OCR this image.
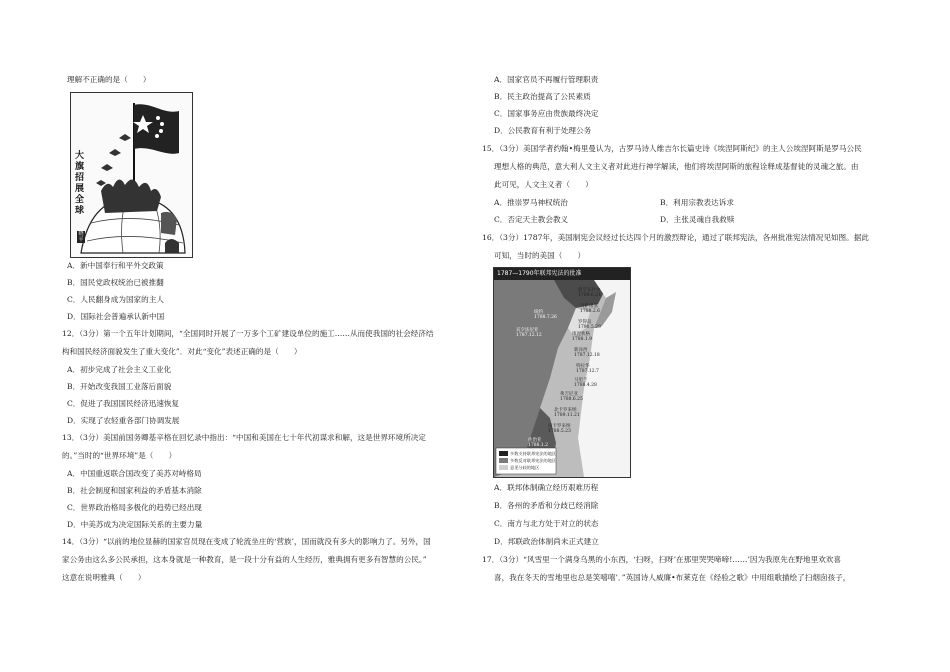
理解不正确的是（　　）
大旗
招展
全球
晓平
A．新中国奉行和平外交政策
B．国民党政权统治已被推翻
C．人民翻身成为国家的主人
D．国际社会普遍承认新中国
12．（3分）第一个五年计划期间，“全国同时开展了一万多个工矿建设单位的施工……从而使我国的社会经济结
构和国民经济面貌发生了重大变化”．对此“变化”表述正确的是（　　）
A．初步完成了社会主义工业化
B．开始改变我国工业落后面貌
C．促进了我国国民经济迅速恢复
D．实现了农轻重各部门协调发展
13．（3分）美国前国务卿基辛格在回忆录中指出：“中国和美国在七十年代初谋求和解，这是世界环境所决定
的。”当时的“世界环境”是（　　）
A．中国重返联合国改变了美苏对峙格局
B．社会制度和国家利益的矛盾基本消除
C．世界政治格局多极化的趋势已经出现
D．中美苏成为决定国际关系的主要力量
14．（3分）“以前的地位显赫的国家官员现在变成了轮流坐庄的‘营族’，国而就没有多大的影响力了。另外，国
家公务由这么多公民承担，这本身就是一种教育，是一段十分有益的人生经历，雅典拥有更多有智慧的公民。”
这意在说明雅典（　　）
A．国家官员不再履行管理职责
B．民主政治提高了公民素质
C．国家事务应由贵族最终决定
D．公民教育有利于处理公务
15．（3分）美国学者约翰•梅里曼认为，古罗马诗人维吉尔长篇史诗《埃涅阿斯纪》的主人公埃涅阿斯是罗马公民
理想人格的典范，意大利人文主义者对此进行神学解读，他们将埃涅阿斯的旅程诠释成基督徒的灵魂之旅。由
此可见，人文主义者（　　）
A．推崇罗马神权统治	B．利用宗教表达诉求
C．否定天主教会教义	D．主张灵魂自我救赎
16．（3分）1787年，美国制宪会议经过长达四个月的激烈辩论，通过了联邦宪法，各州批准宪法情况见如图。据此
可知，当时的美国（　　）
1787—1790年联邦宪法的批准
新罕布什尔
1788.6.21
马萨诸塞
1788.2.6
罗得岛
1790.5.29
纽约
1788.7.26
康涅狄格
1788.1.9
宾夕法尼亚
1787.12.12
新泽西
1787.12.18
特拉华
1787.12.7
马里兰
1788.4.28
弗吉尼亚
1788.6.25
北卡罗来纳
1789.11.21
南卡罗来纳
1788.5.23
佐治亚
1788.1.2
多数支持联邦宪法的地区
多数反对联邦宪法的地区
意见分歧的地区
A．联邦体制确立经历艰难历程
B．各州的矛盾和分歧已经消除
C．南方与北方处于对立的状态
D．邦联政治体制尚未正式建立
17．（3分）“风雪里一个满身乌黑的小东西，‘扫呀，扫呀’在那里哭哭啼啼!……’因为我原先在野地里欢欢喜
喜，我在冬天的雪地里也总是笑嘻嘻’．”英国诗人威廉•布莱克在《经验之歌》中用组歌描绘了扫烟囱孩子，
